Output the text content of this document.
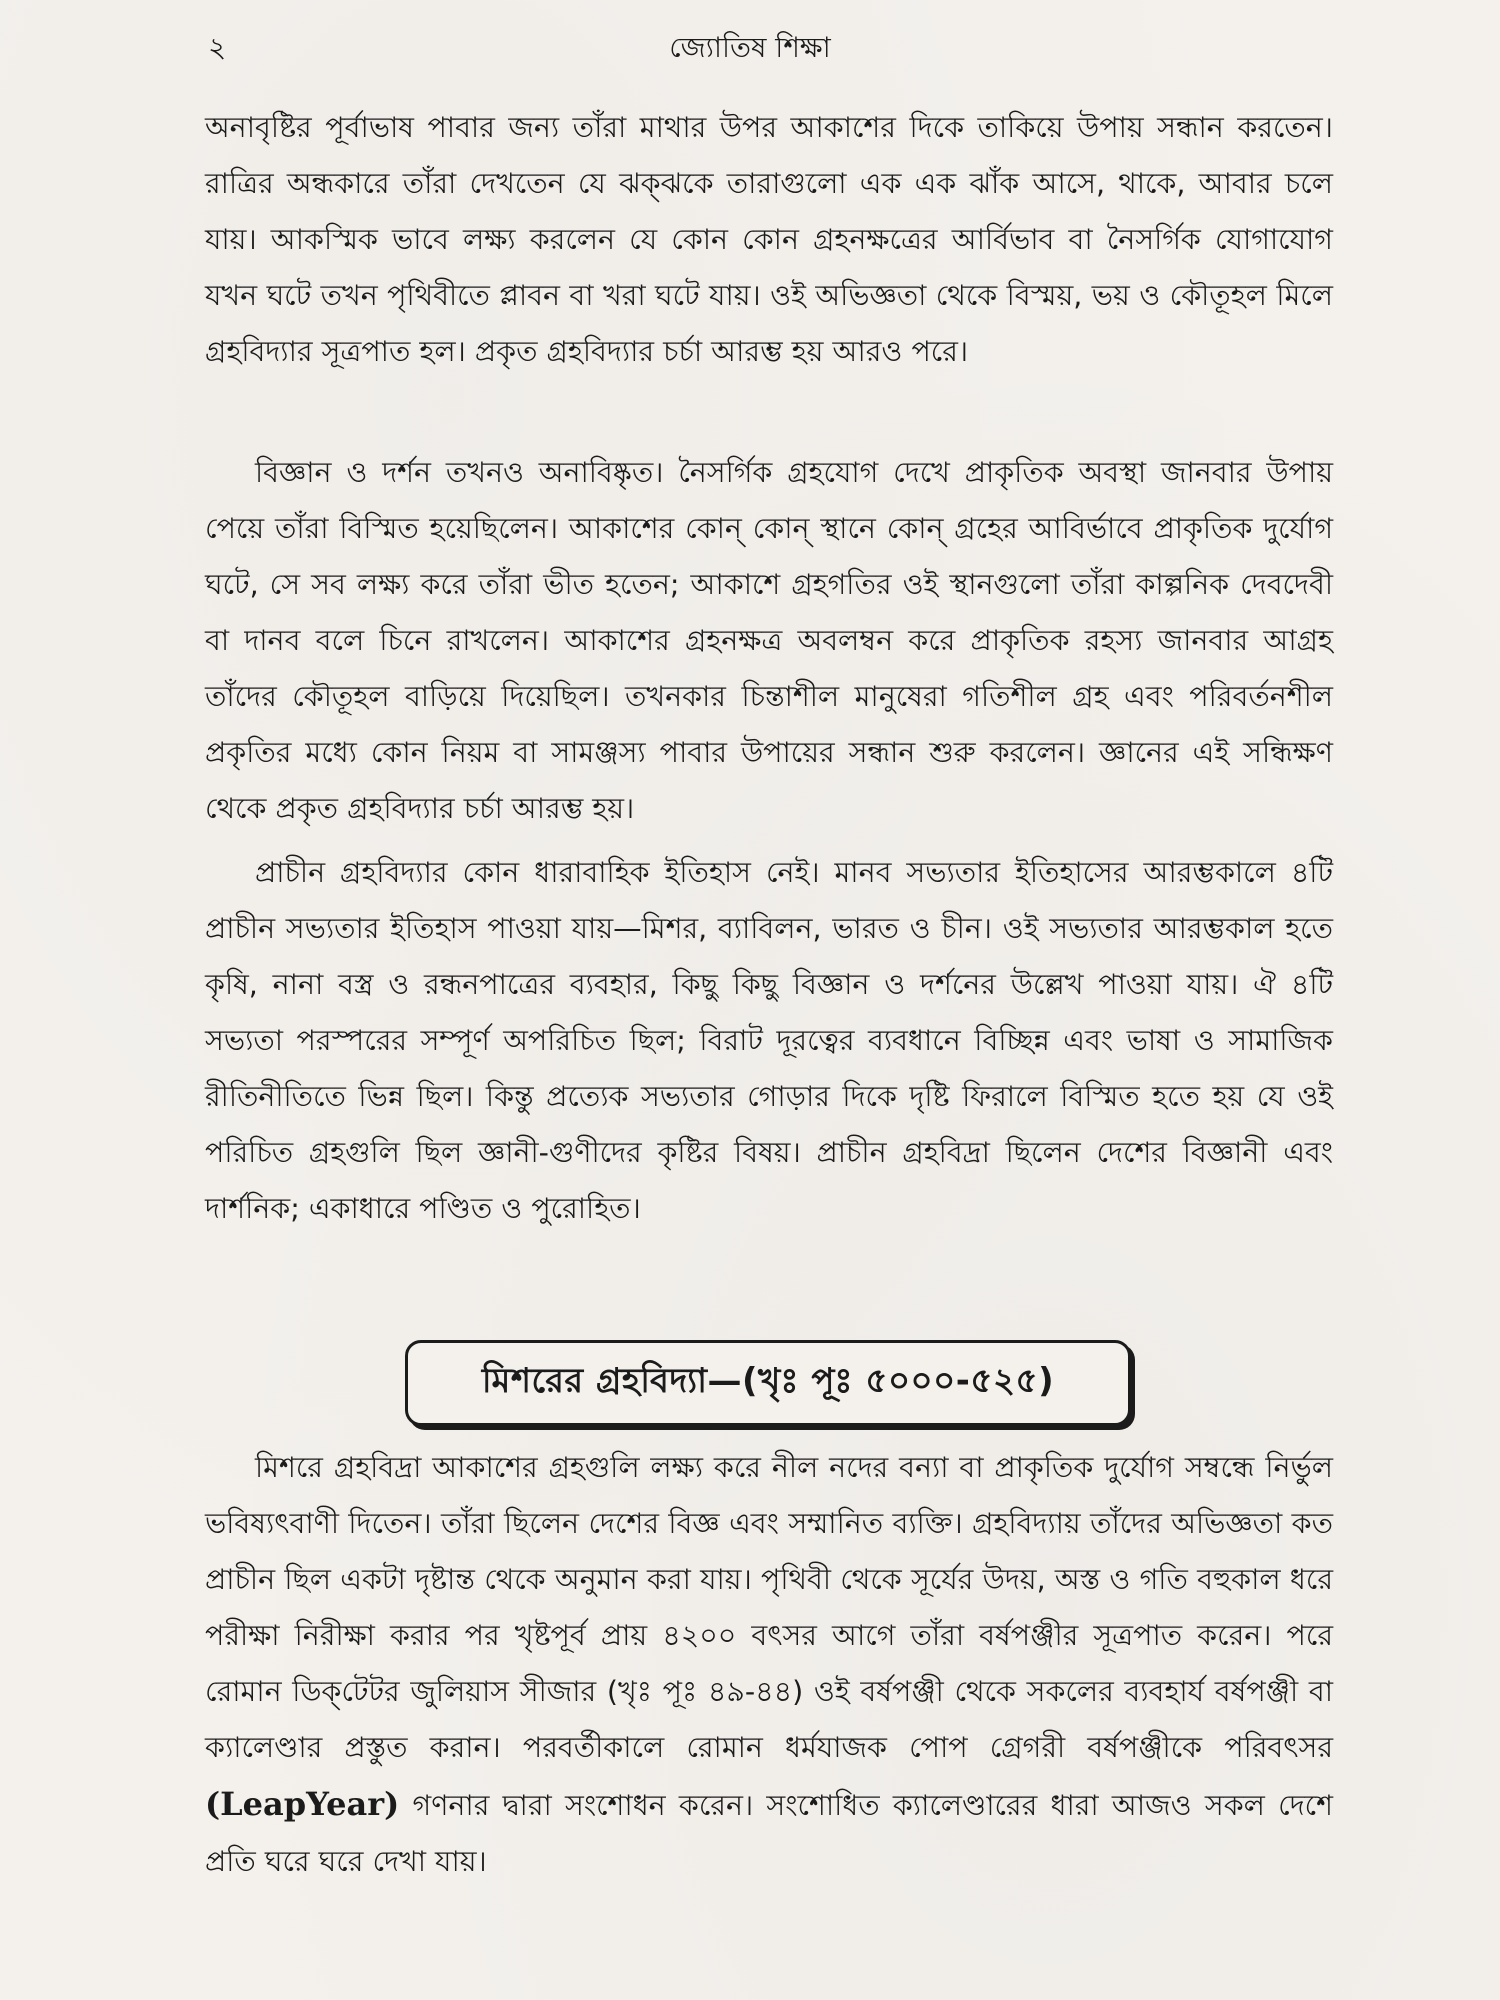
২	জ্যোতিষ শিক্ষা

অনাবৃষ্টির পূর্বাভাষ পাবার জন্য তাঁরা মাথার উপর আকাশের দিকে তাকিয়ে উপায় সন্ধান করতেন। রাত্রির অন্ধকারে তাঁরা দেখতেন যে ঝক্‌ঝকে তারাগুলো এক এক ঝাঁক আসে, থাকে, আবার চলে যায়। আকস্মিক ভাবে লক্ষ্য করলেন যে কোন কোন গ্রহনক্ষত্রের আর্বিভাব বা নৈসর্গিক যোগাযোগ যখন ঘটে তখন পৃথিবীতে প্লাবন বা খরা ঘটে যায়। ওই অভিজ্ঞতা থেকে বিস্ময়, ভয় ও কৌতূহল মিলে গ্রহবিদ্যার সূত্রপাত হল। প্রকৃত গ্রহবিদ্যার চর্চা আরম্ভ হয় আরও পরে।

বিজ্ঞান ও দর্শন তখনও অনাবিষ্কৃত। নৈসর্গিক গ্রহযোগ দেখে প্রাকৃতিক অবস্থা জানবার উপায় পেয়ে তাঁরা বিস্মিত হয়েছিলেন। আকাশের কোন্ কোন্ স্থানে কোন্ গ্রহের আবির্ভাবে প্রাকৃতিক দুর্যোগ ঘটে, সে সব লক্ষ্য করে তাঁরা ভীত হতেন; আকাশে গ্রহগতির ওই স্থানগুলো তাঁরা কাল্পনিক দেবদেবী বা দানব বলে চিনে রাখলেন। আকাশের গ্রহনক্ষত্র অবলম্বন করে প্রাকৃতিক রহস্য জানবার আগ্রহ তাঁদের কৌতূহল বাড়িয়ে দিয়েছিল। তখনকার চিন্তাশীল মানুষেরা গতিশীল গ্রহ এবং পরিবর্তনশীল প্রকৃতির মধ্যে কোন নিয়ম বা সামঞ্জস্য পাবার উপায়ের সন্ধান শুরু করলেন। জ্ঞানের এই সন্ধিক্ষণ থেকে প্রকৃত গ্রহবিদ্যার চর্চা আরম্ভ হয়।

প্রাচীন গ্রহবিদ্যার কোন ধারাবাহিক ইতিহাস নেই। মানব সভ্যতার ইতিহাসের আরম্ভকালে ৪টি প্রাচীন সভ্যতার ইতিহাস পাওয়া যায়—মিশর, ব্যাবিলন, ভারত ও চীন। ওই সভ্যতার আরম্ভকাল হতে কৃষি, নানা বস্ত্র ও রন্ধনপাত্রের ব্যবহার, কিছু কিছু বিজ্ঞান ও দর্শনের উল্লেখ পাওয়া যায়। ঐ ৪টি সভ্যতা পরস্পরের সম্পূর্ণ অপরিচিত ছিল; বিরাট দূরত্বের ব্যবধানে বিচ্ছিন্ন এবং ভাষা ও সামাজিক রীতিনীতিতে ভিন্ন ছিল। কিন্তু প্রত্যেক সভ্যতার গোড়ার দিকে দৃষ্টি ফিরালে বিস্মিত হতে হয় যে ওই পরিচিত গ্রহগুলি ছিল জ্ঞানী-গুণীদের কৃষ্টির বিষয়। প্রাচীন গ্রহবিদ্রা ছিলেন দেশের বিজ্ঞানী এবং দার্শনিক; একাধারে পণ্ডিত ও পুরোহিত।

মিশরের গ্রহবিদ্যা—(খৃঃ পূঃ ৫০০০-৫২৫)

মিশরে গ্রহবিদ্রা আকাশের গ্রহগুলি লক্ষ্য করে নীল নদের বন্যা বা প্রাকৃতিক দুর্যোগ সম্বন্ধে নির্ভুল ভবিষ্যৎবাণী দিতেন। তাঁরা ছিলেন দেশের বিজ্ঞ এবং সম্মানিত ব্যক্তি। গ্রহবিদ্যায় তাঁদের অভিজ্ঞতা কত প্রাচীন ছিল একটা দৃষ্টান্ত থেকে অনুমান করা যায়। পৃথিবী থেকে সূর্যের উদয়, অস্ত ও গতি বহুকাল ধরে পরীক্ষা নিরীক্ষা করার পর খৃষ্টপূর্ব প্রায় ৪২০০ বৎসর আগে তাঁরা বর্ষপঞ্জীর সূত্রপাত করেন। পরে রোমান ডিক্‌টেটর জুলিয়াস সীজার (খৃঃ পূঃ ৪৯-৪৪) ওই বর্ষপঞ্জী থেকে সকলের ব্যবহার্য বর্ষপঞ্জী বা ক্যালেণ্ডার প্রস্তুত করান। পরবর্তীকালে রোমান ধর্মযাজক পোপ গ্রেগরী বর্ষপঞ্জীকে পরিবৎসর (LeapYear) গণনার দ্বারা সংশোধন করেন। সংশোধিত ক্যালেণ্ডারের ধারা আজও সকল দেশে প্রতি ঘরে ঘরে দেখা যায়।
